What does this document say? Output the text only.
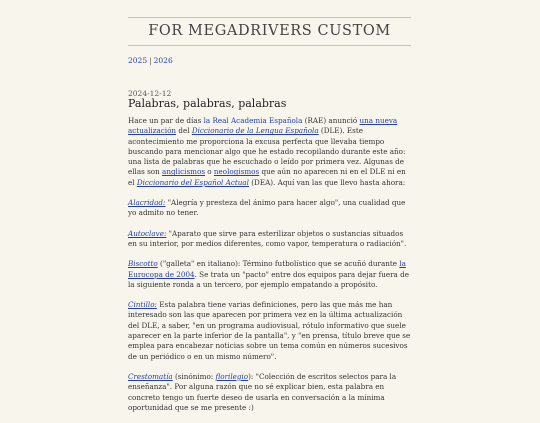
FOR MEGADRIVERS CUSTOM
2025 | 2026
2024-12-12
Palabras, palabras, palabras

Hace un par de días la Real Academia Española (RAE) anunció una nueva actualización del Diccionario de la Lengua Española (DLE). Este acontecimiento me proporciona la excusa perfecta que llevaba tiempo buscando para mencionar algo que he estado recopilando durante este año: una lista de palabras que he escuchado o leído por primera vez. Algunas de ellas son anglicismos o neologismos que aún no aparecen ni en el DLE ni en el Diccionario del Español Actual (DEA). Aquí van las que llevo hasta ahora:

Alacridad: "Alegría y presteza del ánimo para hacer algo", una cualidad que yo admito no tener.

Autoclave: "Aparato que sirve para esterilizar objetos o sustancias situados en su interior, por medios diferentes, como vapor, temperatura o radiación".

Biscotto ("galleta" en italiano): Término futbolístico que se acuñó durante la Eurocopa de 2004. Se trata un "pacto" entre dos equipos para dejar fuera de la siguiente ronda a un tercero, por ejemplo empatando a propósito.

Cintillo: Esta palabra tiene varias definiciones, pero las que más me han interesado son las que aparecen por primera vez en la última actualización del DLE, a saber, "en un programa audiovisual, rótulo informativo que suele aparecer en la parte inferior de la pantalla", y "en prensa, título breve que se emplea para encabezar noticias sobre un tema común en números sucesivos de un periódico o en un mismo número".

Crestomatía (sinónimo: florilegio): "Colección de escritos selectos para la enseñanza". Por alguna razón que no sé explicar bien, esta palabra en concreto tengo un fuerte deseo de usarla en conversación a la mínima oportunidad que se me presente :)
